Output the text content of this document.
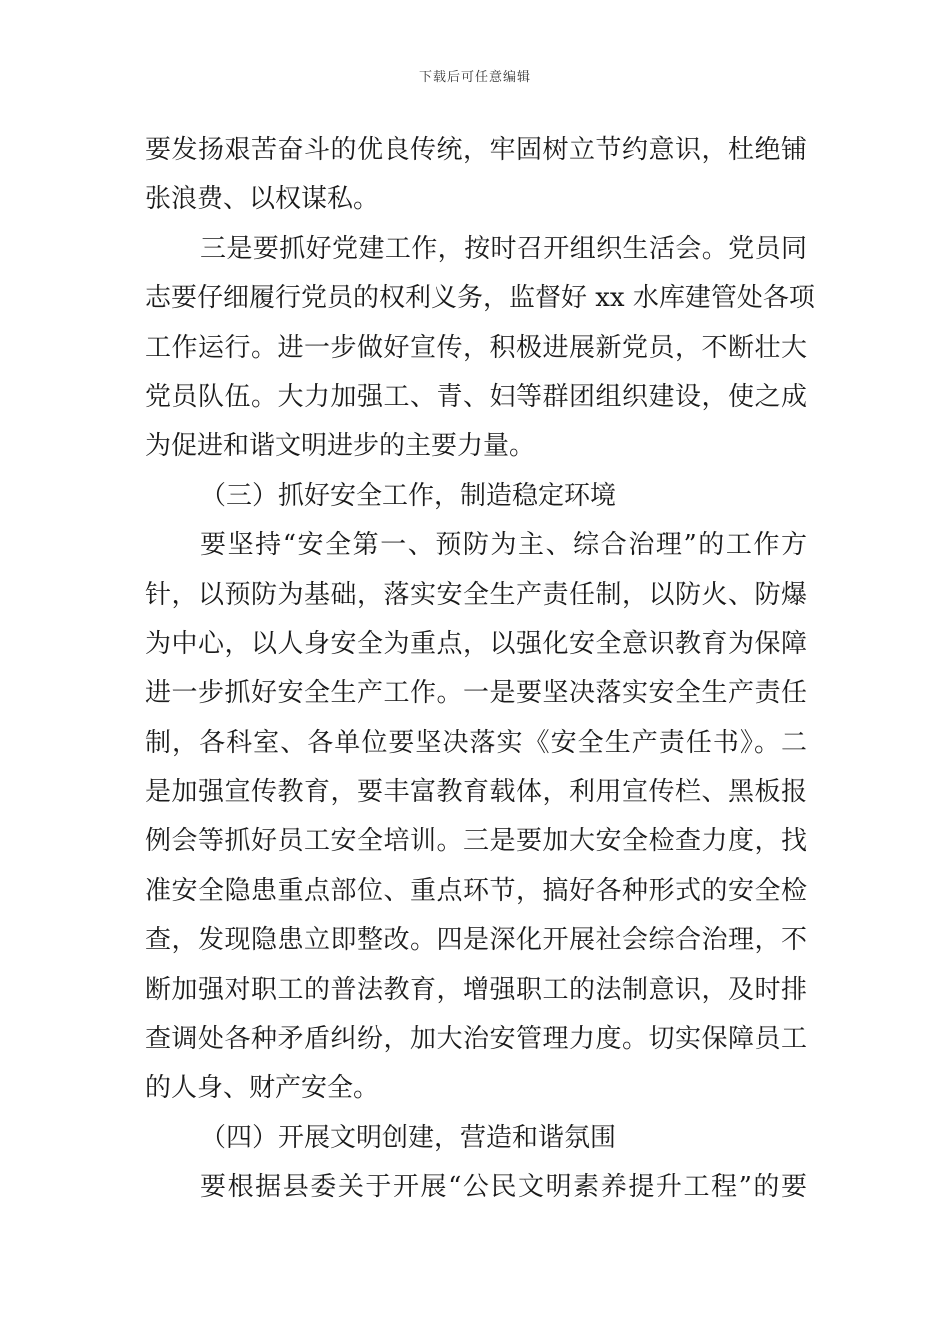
下载后可任意编辑
要发扬艰苦奋斗的优良传统，牢固树立节约意识，杜绝铺
张浪费、以权谋私。
三是要抓好党建工作，按时召开组织生活会。党员同
志要仔细履行党员的权利义务，监督好 xx 水库建管处各项
工作运行。进一步做好宣传，积极进展新党员，不断壮大
党员队伍。大力加强工、青、妇等群团组织建设，使之成
为促进和谐文明进步的主要力量。
（三）抓好安全工作，制造稳定环境
要坚持“安全第一、预防为主、综合治理”的工作方
针，以预防为基础，落实安全生产责任制，以防火、防爆
为中心，以人身安全为重点，以强化安全意识教育为保障
进一步抓好安全生产工作。一是要坚决落实安全生产责任
制，各科室、各单位要坚决落实《安全生产责任书》。二
是加强宣传教育，要丰富教育载体，利用宣传栏、黑板报
例会等抓好员工安全培训。三是要加大安全检查力度，找
准安全隐患重点部位、重点环节，搞好各种形式的安全检
查，发现隐患立即整改。四是深化开展社会综合治理，不
断加强对职工的普法教育，增强职工的法制意识，及时排
查调处各种矛盾纠纷，加大治安管理力度。切实保障员工
的人身、财产安全。
（四）开展文明创建，营造和谐氛围
要根据县委关于开展“公民文明素养提升工程”的要
